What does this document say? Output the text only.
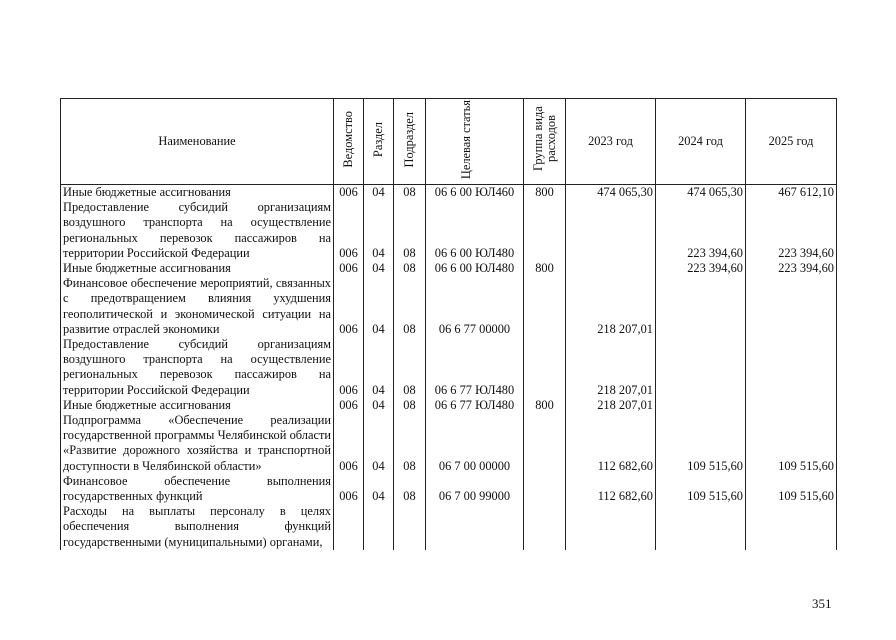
Наименование	Ведомство	Раздел	Подраздел	Целевая статья	Группа вида расходов	2023 год	2024 год	2025 год
Иные бюджетные ассигнования	006	04	08	06 6 00 ЮЛ460	800	474 065,30	474 065,30	467 612,10
Предоставление субсидий организациям воздушного транспорта на осуществление региональных перевозок пассажиров на территории Российской Федерации	006	04	08	06 6 00 ЮЛ480			223 394,60	223 394,60
Иные бюджетные ассигнования	006	04	08	06 6 00 ЮЛ480	800		223 394,60	223 394,60
Финансовое обеспечение мероприятий, связанных с предотвращением влияния ухудшения геополитической и экономической ситуации на развитие отраслей экономики	006	04	08	06 6 77 00000		218 207,01		
Предоставление субсидий организациям воздушного транспорта на осуществление региональных перевозок пассажиров на территории Российской Федерации	006	04	08	06 6 77 ЮЛ480		218 207,01		
Иные бюджетные ассигнования	006	04	08	06 6 77 ЮЛ480	800	218 207,01		
Подпрограмма «Обеспечение реализации государственной программы Челябинской области «Развитие дорожного хозяйства и транспортной доступности в Челябинской области»	006	04	08	06 7 00 00000		112 682,60	109 515,60	109 515,60
Финансовое обеспечение выполнения государственных функций	006	04	08	06 7 00 99000		112 682,60	109 515,60	109 515,60
Расходы на выплаты персоналу в целях обеспечения выполнения функций государственными (муниципальными) органами,								
351
